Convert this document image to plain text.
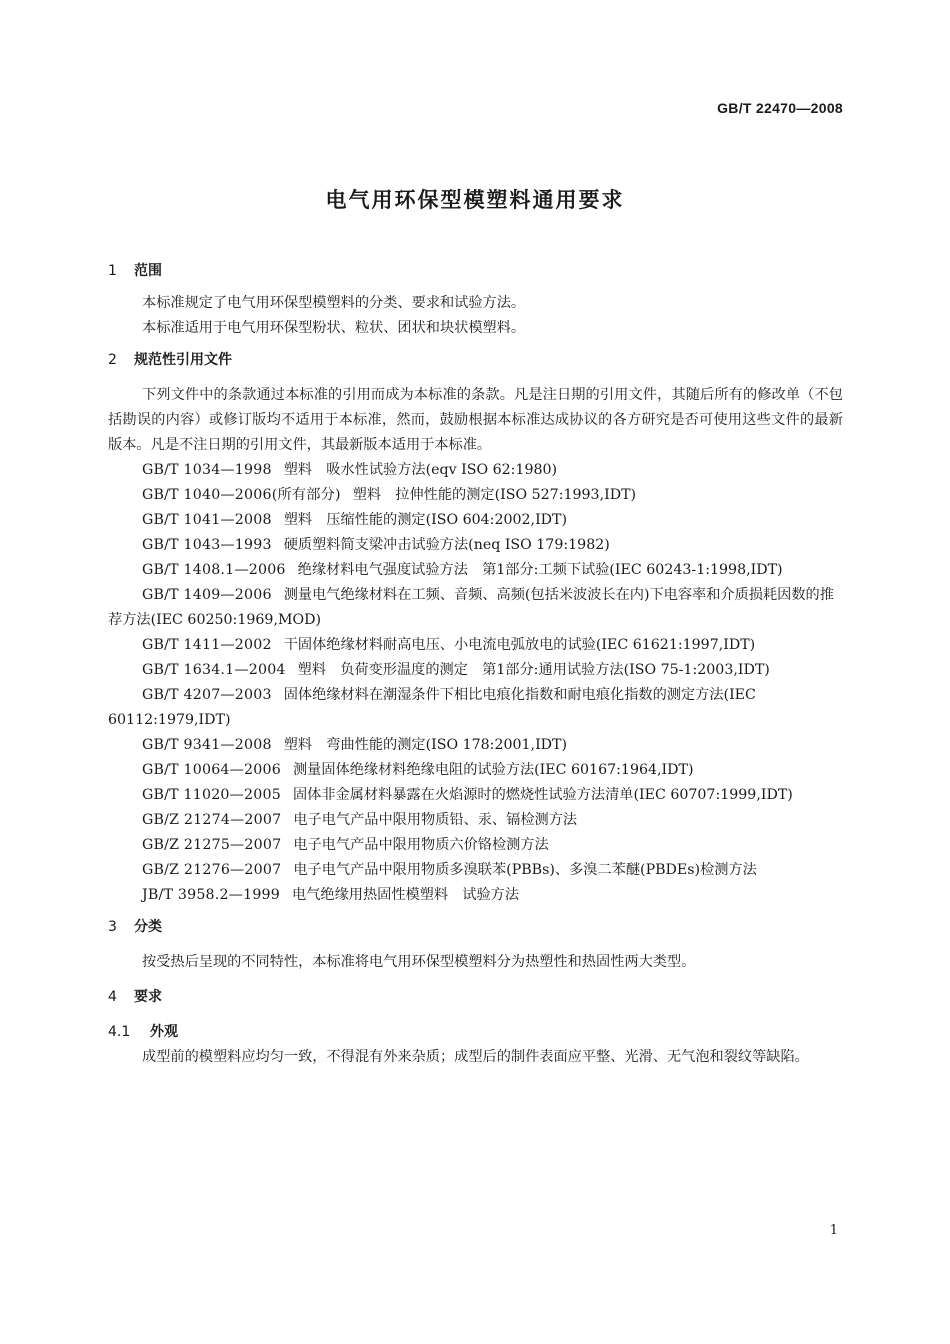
GB/T 22470—2008
电气用环保型模塑料通用要求
1 范围

本标准规定了电气用环保型模塑料的分类、要求和试验方法。

本标准适用于电气用环保型粉状、粒状、团状和块状模塑料。

2 规范性引用文件

下列文件中的条款通过本标准的引用而成为本标准的条款。凡是注日期的引用文件，其随后所有的修改单（不包括勘误的内容）或修订版均不适用于本标准，然而，鼓励根据本标准达成协议的各方研究是否可使用这些文件的最新版本。凡是不注日期的引用文件，其最新版本适用于本标准。

GB/T 1034—1998 塑料　吸水性试验方法(eqv ISO 62:1980)

GB/T 1040—2006(所有部分) 塑料　拉伸性能的测定(ISO 527:1993,IDT)

GB/T 1041—2008 塑料　压缩性能的测定(ISO 604:2002,IDT)

GB/T 1043—1993 硬质塑料简支梁冲击试验方法(neq ISO 179:1982)

GB/T 1408.1—2006 绝缘材料电气强度试验方法　第1部分:工频下试验(IEC 60243-1:1998,IDT)

GB/T 1409—2006 测量电气绝缘材料在工频、音频、高频(包括米波波长在内)下电容率和介质损耗因数的推荐方法(IEC 60250:1969,MOD)

GB/T 1411—2002 干固体绝缘材料耐高电压、小电流电弧放电的试验(IEC 61621:1997,IDT)

GB/T 1634.1—2004 塑料　负荷变形温度的测定　第1部分:通用试验方法(ISO 75-1:2003,IDT)

GB/T 4207—2003 固体绝缘材料在潮湿条件下相比电痕化指数和耐电痕化指数的测定方法(IEC 60112:1979,IDT)

GB/T 9341—2008 塑料　弯曲性能的测定(ISO 178:2001,IDT)

GB/T 10064—2006 测量固体绝缘材料绝缘电阻的试验方法(IEC 60167:1964,IDT)

GB/T 11020—2005 固体非金属材料暴露在火焰源时的燃烧性试验方法清单(IEC 60707:1999,IDT)

GB/Z 21274—2007 电子电气产品中限用物质铅、汞、镉检测方法

GB/Z 21275—2007 电子电气产品中限用物质六价铬检测方法

GB/Z 21276—2007 电子电气产品中限用物质多溴联苯(PBBs)、多溴二苯醚(PBDEs)检测方法

JB/T 3958.2—1999 电气绝缘用热固性模塑料　试验方法

3 分类

按受热后呈现的不同特性，本标准将电气用环保型模塑料分为热塑性和热固性两大类型。

4 要求
4.1 外观

成型前的模塑料应均匀一致，不得混有外来杂质；成型后的制件表面应平整、光滑、无气泡和裂纹等缺陷。

1
